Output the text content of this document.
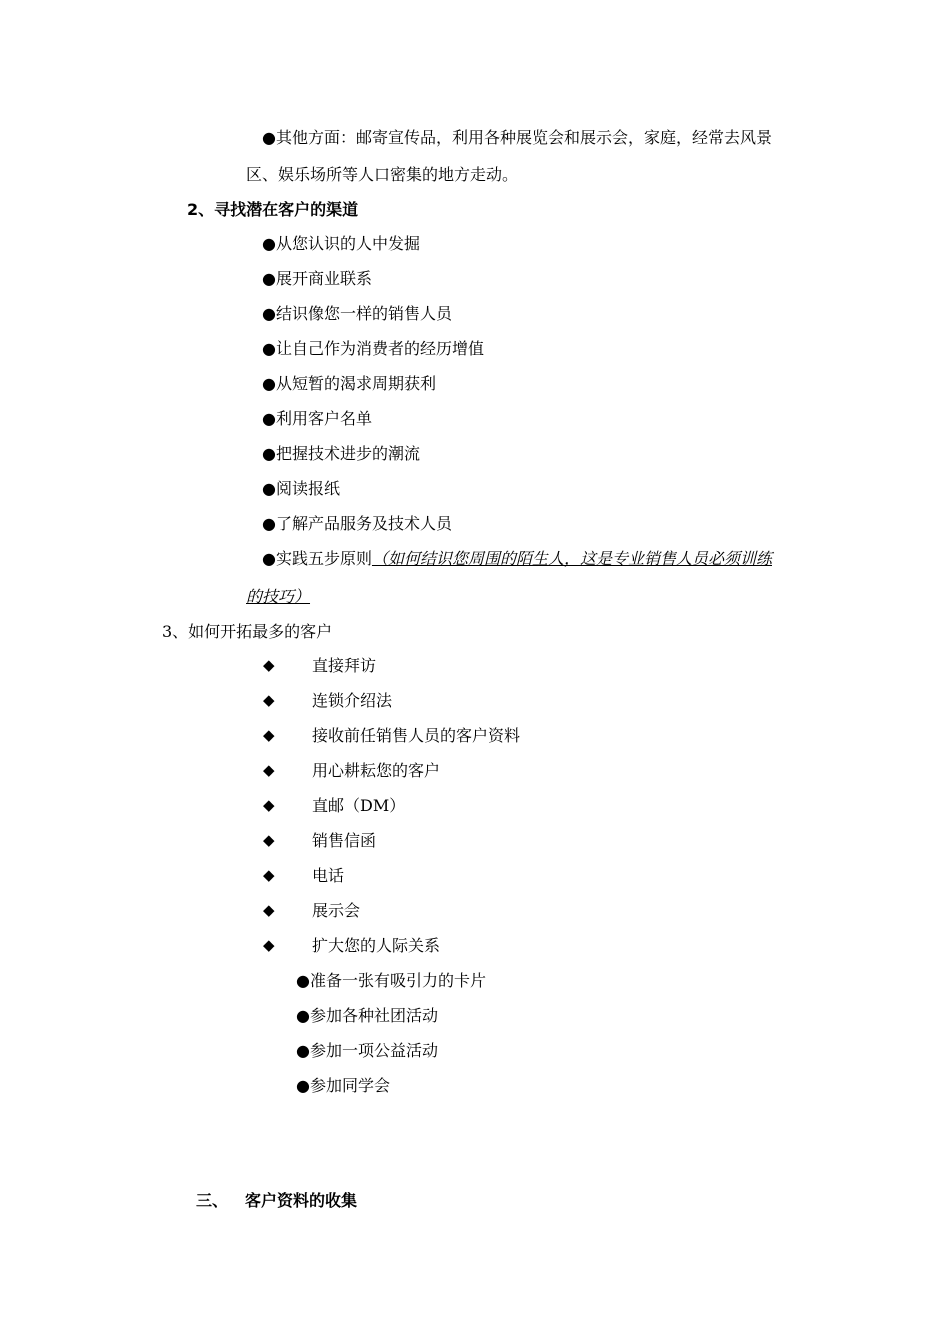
●其他方面：邮寄宣传品，利用各种展览会和展示会，家庭，经常去风景
区、娱乐场所等人口密集的地方走动。
2、寻找潜在客户的渠道
●从您认识的人中发掘
●展开商业联系
●结识像您一样的销售人员
●让自己作为消费者的经历增值
●从短暂的渴求周期获利
●利用客户名单
●把握技术进步的潮流
●阅读报纸
●了解产品服务及技术人员
●实践五步原则（如何结识您周围的陌生人，这是专业销售人员必须训练
的技巧）
3、如何开拓最多的客户
◆ 直接拜访
◆ 连锁介绍法
◆ 接收前任销售人员的客户资料
◆ 用心耕耘您的客户
◆ 直邮（DM）
◆ 销售信函
◆ 电话
◆ 展示会
◆ 扩大您的人际关系
●准备一张有吸引力的卡片
●参加各种社团活动
●参加一项公益活动
●参加同学会
三、 客户资料的收集
